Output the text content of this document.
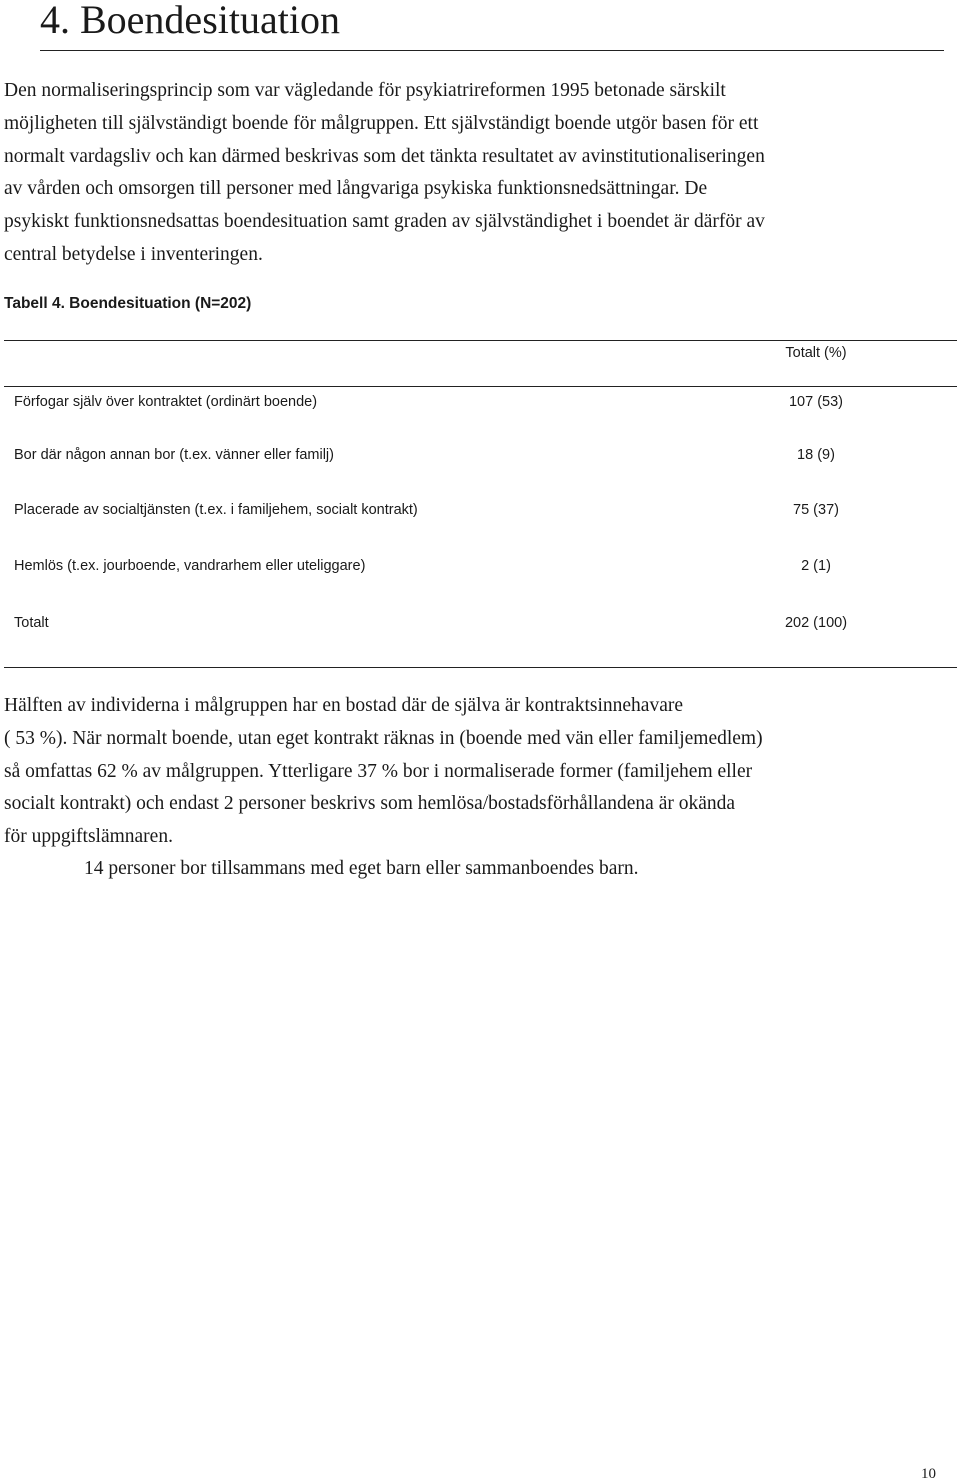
4. Boendesituation
Den normaliseringsprincip som var vägledande för psykiatrireformen 1995 betonade särskilt
möjligheten till självständigt boende för målgruppen. Ett självständigt boende utgör basen för ett
normalt vardagsliv och kan därmed beskrivas som det tänkta resultatet av avinstitutionaliseringen
av vården och omsorgen till personer med långvariga psykiska funktionsnedsättningar. De
psykiskt funktionsnedsattas boendesituation samt graden av självständighet i boendet är därför av
central betydelse i inventeringen.
Tabell 4. Boendesituation (N=202)
Totalt (%)
Förfogar själv över kontraktet (ordinärt boende)	107 (53)
Bor där någon annan bor (t.ex. vänner eller familj)	18 (9)
Placerade av socialtjänsten (t.ex. i familjehem, socialt kontrakt)	75 (37)
Hemlös (t.ex. jourboende, vandrarhem eller uteliggare)	2 (1)
Totalt	202 (100)
Hälften av individerna i målgruppen har en bostad där de själva är kontraktsinnehavare
( 53 %). När normalt boende, utan eget kontrakt räknas in (boende med vän eller familjemedlem)
så omfattas 62 % av målgruppen. Ytterligare 37 % bor i normaliserade former (familjehem eller
socialt kontrakt) och endast 2 personer beskrivs som hemlösa/bostadsförhållandena är okända
för uppgiftslämnaren.
14 personer bor tillsammans med eget barn eller sammanboendes barn.
10
